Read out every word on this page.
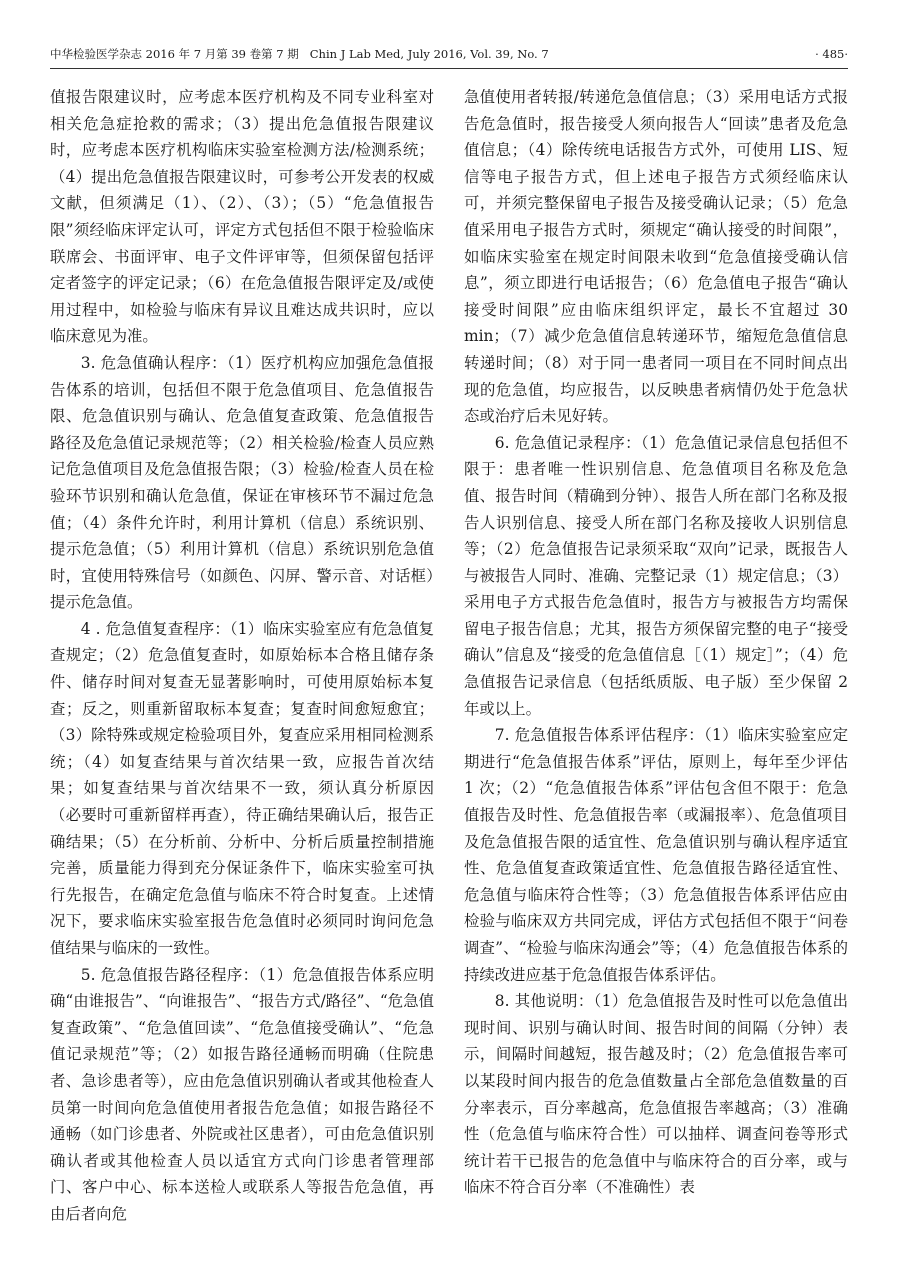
中华检验医学杂志 2016 年 7 月第 39 卷第 7 期 Chin J Lab Med, July 2016, Vol. 39, No. 7	· 485·

值报告限建议时，应考虑本医疗机构及不同专业科室对相关危急症抢救的需求；（3）提出危急值报告限建议时，应考虑本医疗机构临床实验室检测方法/检测系统；（4）提出危急值报告限建议时，可参考公开发表的权威文献，但须满足（1）、（2）、（3）；（5）“危急值报告限”须经临床评定认可，评定方式包括但不限于检验临床联席会、书面评审、电子文件评审等，但须保留包括评定者签字的评定记录；（6）在危急值报告限评定及/或使用过程中，如检验与临床有异议且难达成共识时，应以临床意见为准。

3. 危急值确认程序：（1）医疗机构应加强危急值报告体系的培训，包括但不限于危急值项目、危急值报告限、危急值识别与确认、危急值复查政策、危急值报告路径及危急值记录规范等；（2）相关检验/检查人员应熟记危急值项目及危急值报告限；（3）检验/检查人员在检验环节识别和确认危急值，保证在审核环节不漏过危急值；（4）条件允许时，利用计算机（信息）系统识别、提示危急值；（5）利用计算机（信息）系统识别危急值时，宜使用特殊信号（如颜色、闪屏、警示音、对话框）提示危急值。

4 . 危急值复查程序：（1）临床实验室应有危急值复查规定；（2）危急值复查时，如原始标本合格且储存条件、储存时间对复查无显著影响时，可使用原始标本复查；反之，则重新留取标本复查；复查时间愈短愈宜；（3）除特殊或规定检验项目外，复查应采用相同检测系统；（4）如复查结果与首次结果一致，应报告首次结果；如复查结果与首次结果不一致，须认真分析原因（必要时可重新留样再查），待正确结果确认后，报告正确结果；（5）在分析前、分析中、分析后质量控制措施完善，质量能力得到充分保证条件下，临床实验室可执行先报告，在确定危急值与临床不符合时复查。上述情况下，要求临床实验室报告危急值时必须同时询问危急值结果与临床的一致性。

5. 危急值报告路径程序：（1）危急值报告体系应明确“由谁报告”、“向谁报告”、“报告方式/路径”、“危急值复查政策”、“危急值回读”、“危急值接受确认”、“危急值记录规范”等；（2）如报告路径通畅而明确（住院患者、急诊患者等），应由危急值识别确认者或其他检查人员第一时间向危急值使用者报告危急值；如报告路径不通畅（如门诊患者、外院或社区患者），可由危急值识别确认者或其他检查人员以适宜方式向门诊患者管理部门、客户中心、标本送检人或联系人等报告危急值，再由后者向危

急值使用者转报/转递危急值信息；（3）采用电话方式报告危急值时，报告接受人须向报告人“回读”患者及危急值信息；（4）除传统电话报告方式外，可使用 LIS、短信等电子报告方式，但上述电子报告方式须经临床认可，并须完整保留电子报告及接受确认记录；（5）危急值采用电子报告方式时，须规定“确认接受的时间限”，如临床实验室在规定时间限未收到“危急值接受确认信息”，须立即进行电话报告；（6）危急值电子报告“确认接受时间限”应由临床组织评定，最长不宜超过 30 min；（7）减少危急值信息转递环节，缩短危急值信息转递时间；（8）对于同一患者同一项目在不同时间点出现的危急值，均应报告，以反映患者病情仍处于危急状态或治疗后未见好转。

6. 危急值记录程序：（1）危急值记录信息包括但不限于：患者唯一性识别信息、危急值项目名称及危急值、报告时间（精确到分钟）、报告人所在部门名称及报告人识别信息、接受人所在部门名称及接收人识别信息等；（2）危急值报告记录须采取“双向”记录，既报告人与被报告人同时、准确、完整记录（1）规定信息；（3）采用电子方式报告危急值时，报告方与被报告方均需保留电子报告信息；尤其，报告方须保留完整的电子“接受确认”信息及“接受的危急值信息［（1）规定］”；（4）危急值报告记录信息（包括纸质版、电子版）至少保留 2 年或以上。

7. 危急值报告体系评估程序：（1）临床实验室应定期进行“危急值报告体系”评估，原则上，每年至少评估 1 次；（2）“危急值报告体系”评估包含但不限于：危急值报告及时性、危急值报告率（或漏报率）、危急值项目及危急值报告限的适宜性、危急值识别与确认程序适宜性、危急值复查政策适宜性、危急值报告路径适宜性、危急值与临床符合性等；（3）危急值报告体系评估应由检验与临床双方共同完成，评估方式包括但不限于“问卷调查”、“检验与临床沟通会”等；（4）危急值报告体系的持续改进应基于危急值报告体系评估。

8. 其他说明：（1）危急值报告及时性可以危急值出现时间、识别与确认时间、报告时间的间隔（分钟）表示，间隔时间越短，报告越及时；（2）危急值报告率可以某段时间内报告的危急值数量占全部危急值数量的百分率表示，百分率越高，危急值报告率越高；（3）准确性（危急值与临床符合性）可以抽样、调查问卷等形式统计若干已报告的危急值中与临床符合的百分率，或与临床不符合百分率（不准确性）表
